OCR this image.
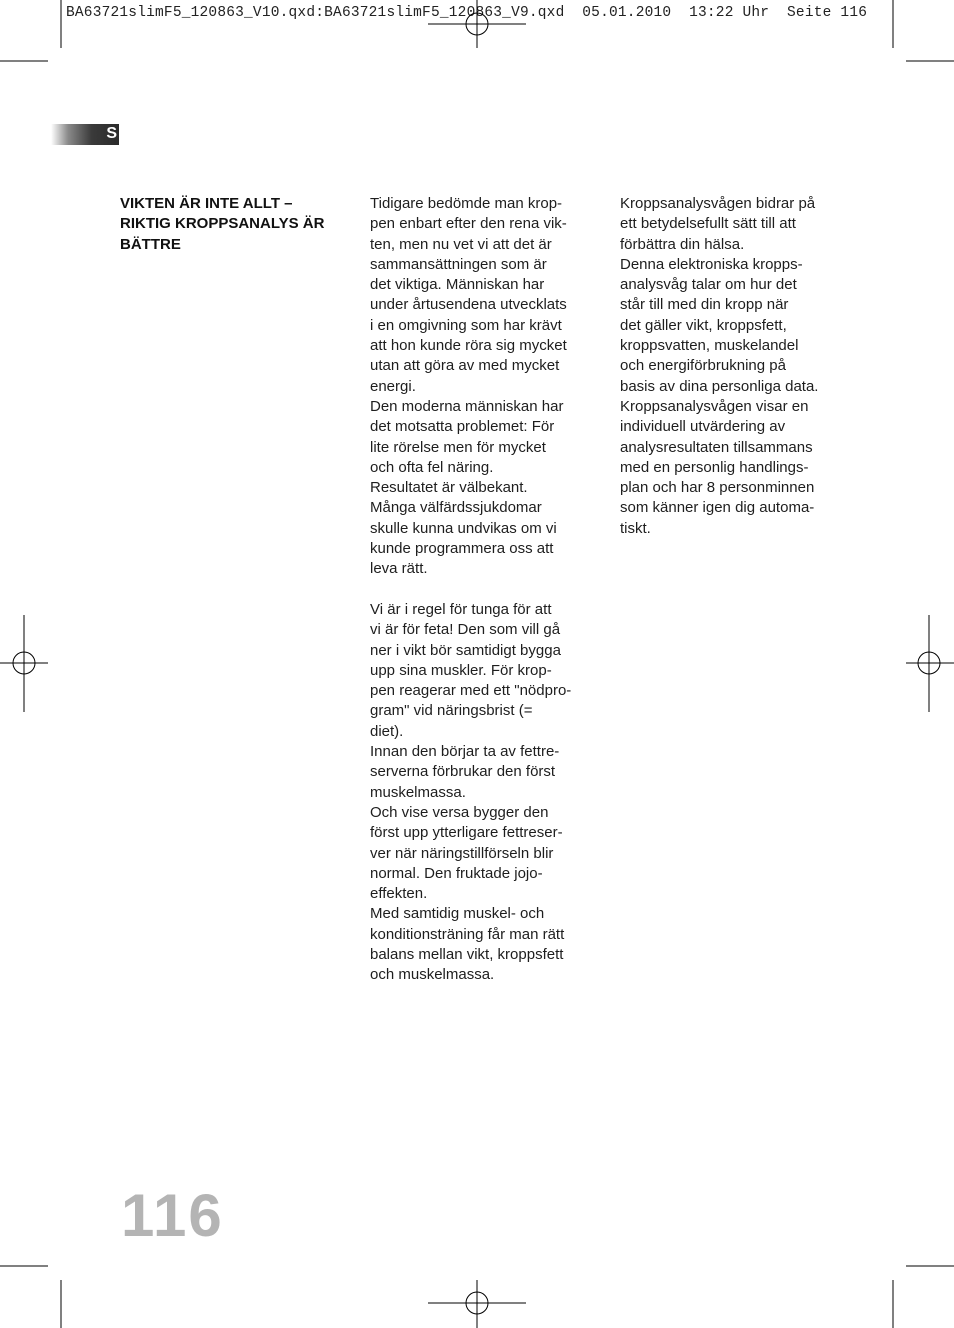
BA63721slimF5_120863_V10.qxd:BA63721slimF5_120863_V9.qxd  05.01.2010  13:22 Uhr  Seite 116
S
VIKTEN ÄR INTE ALLT –
RIKTIG KROPPSANALYS ÄR
BÄTTRE

Tidigare bedömde man krop-
pen enbart efter den rena vik-
ten, men nu vet vi att det är
sammansättningen som är
det viktiga. Människan har
under årtusendena utvecklats
i en omgivning som har krävt
att hon kunde röra sig mycket
utan att göra av med mycket
energi.

Den moderna människan har
det motsatta problemet: För
lite rörelse men för mycket
och ofta fel näring.

Resultatet är välbekant.

Många välfärdssjukdomar
skulle kunna undvikas om vi
kunde programmera oss att
leva rätt.

Vi är i regel för tunga för att
vi är för feta! Den som vill gå
ner i vikt bör samtidigt bygga
upp sina muskler. För krop-
pen reagerar med ett "nödpro-
gram" vid näringsbrist (=
diet).

Innan den börjar ta av fettre-
serverna förbrukar den först
muskelmassa.

Och vise versa bygger den
först upp ytterligare fettreser-
ver när näringstillförseln blir
normal. Den fruktade jojo-
effekten.

Med samtidig muskel- och
konditionsträning får man rätt
balans mellan vikt, kroppsfett
och muskelmassa.

Kroppsanalysvågen bidrar på
ett betydelsefullt sätt till att
förbättra din hälsa.

Denna elektroniska kropps-
analysvåg talar om hur det
står till med din kropp när
det gäller vikt, kroppsfett,
kroppsvatten, muskelandel
och energiförbrukning på
basis av dina personliga data.

Kroppsanalysvågen visar en
individuell utvärdering av
analysresultaten tillsammans
med en personlig handlings-
plan och har 8 personminnen
som känner igen dig automa-
tiskt.

116
